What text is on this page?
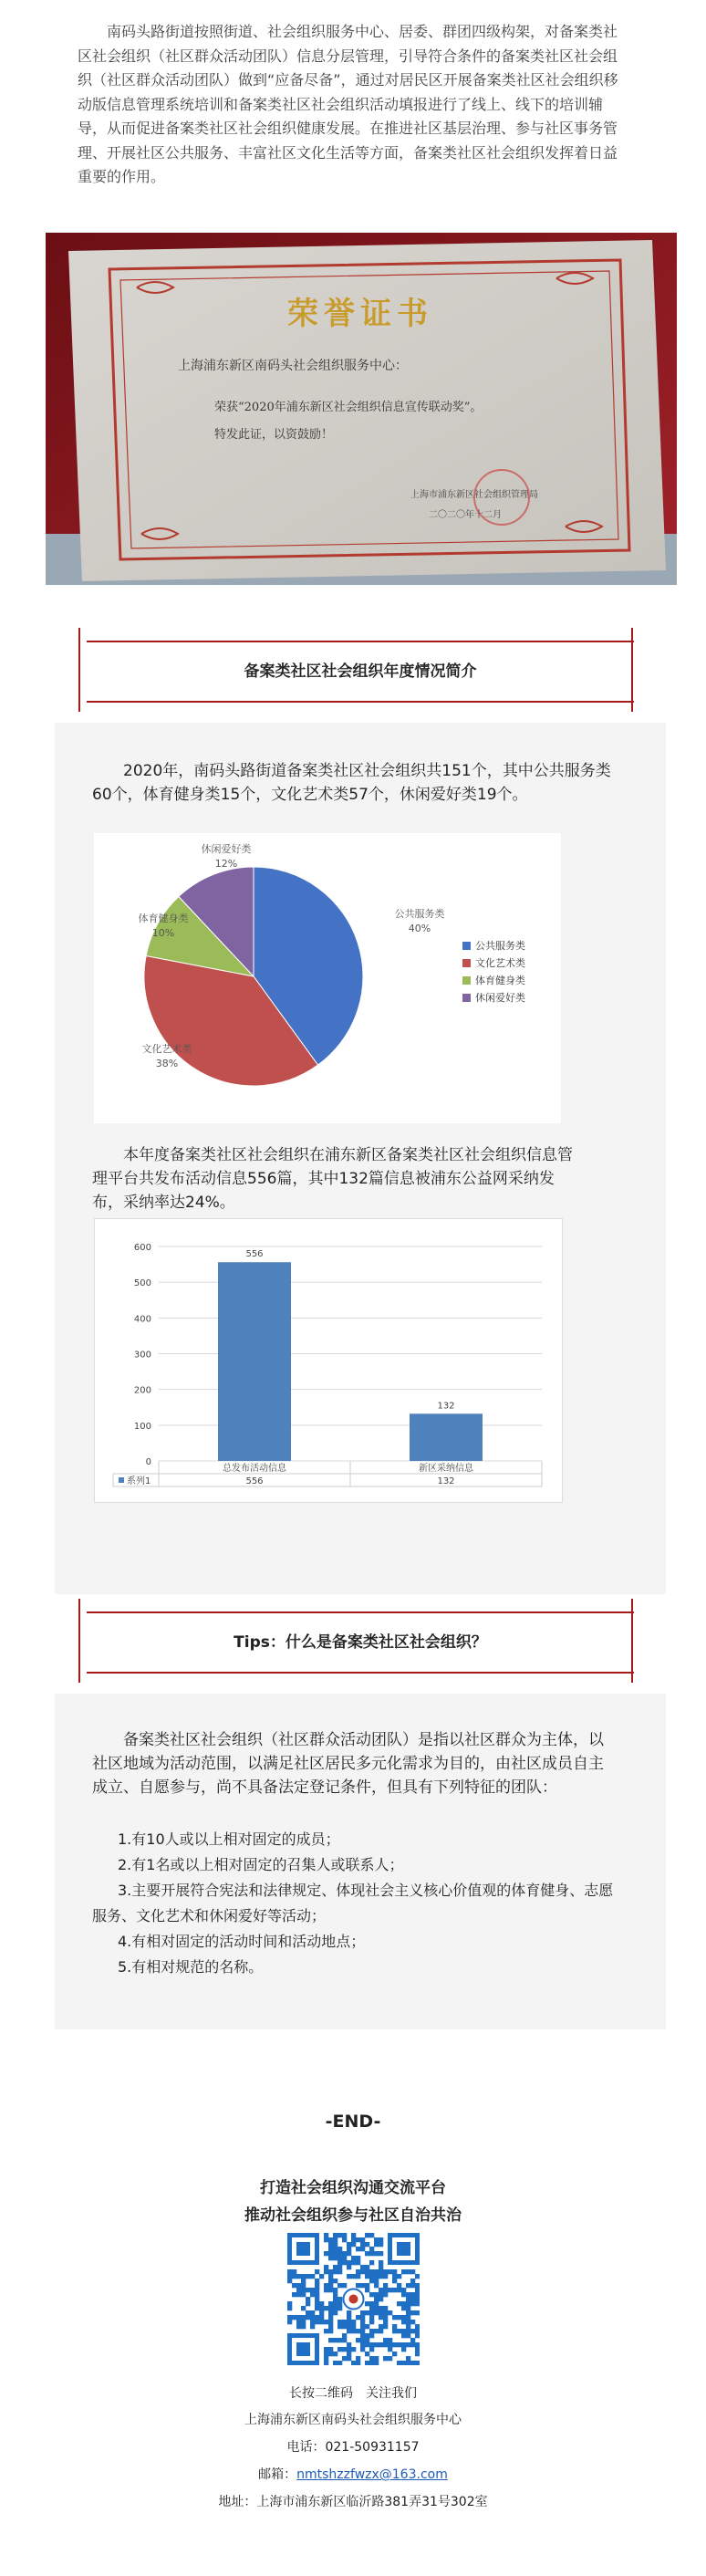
南码头路街道按照街道、社会组织服务中心、居委、群团四级构架，对备案类社区社会组织（社区群众活动团队）信息分层管理，引导符合条件的备案类社区社会组织（社区群众活动团队）做到“应备尽备”，通过对居民区开展备案类社区社会组织移动版信息管理系统培训和备案类社区社会组织活动填报进行了线上、线下的培训辅导，从而促进备案类社区社会组织健康发展。在推进社区基层治理、参与社区事务管理、开展社区公共服务、丰富社区文化生活等方面，备案类社区社会组织发挥着日益重要的作用。

荣誉证书
上海浦东新区南码头社会组织服务中心：
荣获“2020年浦东新区社会组织信息宣传联动奖”。
特发此证，以资鼓励！
上海市浦东新区社会组织管理局
二〇二〇年十二月
备案类社区社会组织年度情况简介

2020年，南码头路街道备案类社区社会组织共151个，其中公共服务类60个，体育健身类15个，文化艺术类57个，休闲爱好类19个。

公共服务类
40%
文化艺术类
38%
体育健身类
10%
休闲爱好类
12%
公共服务类
文化艺术类
体育健身类
休闲爱好类

本年度备案类社区社会组织在浦东新区备案类社区社会组织信息管理平台共发布活动信息556篇，其中132篇信息被浦东公益网采纳发布，采纳率达24%。

600
500
400
300
200
100
0
556
132
总发布活动信息
556
新区采纳信息
132
系列1
Tips：什么是备案类社区社会组织？

备案类社区社会组织（社区群众活动团队）是指以社区群众为主体，以社区地域为活动范围，以满足社区居民多元化需求为目的，由社区成员自主成立、自愿参与，尚不具备法定登记条件，但具有下列特征的团队：

1.有10人或以上相对固定的成员；

2.有1名或以上相对固定的召集人或联系人；

3.主要开展符合宪法和法律规定、体现社会主义核心价值观的体育健身、志愿服务、文化艺术和休闲爱好等活动；

4.有相对固定的活动时间和活动地点；

5.有相对规范的名称。

-END-
打造社会组织沟通交流平台
推动社会组织参与社区自治共治
长按二维码　关注我们
上海浦东新区南码头社会组织服务中心
电话：021-50931157
邮箱：nmtshzzfwzx@163.com
地址：上海市浦东新区临沂路381弄31号302室
